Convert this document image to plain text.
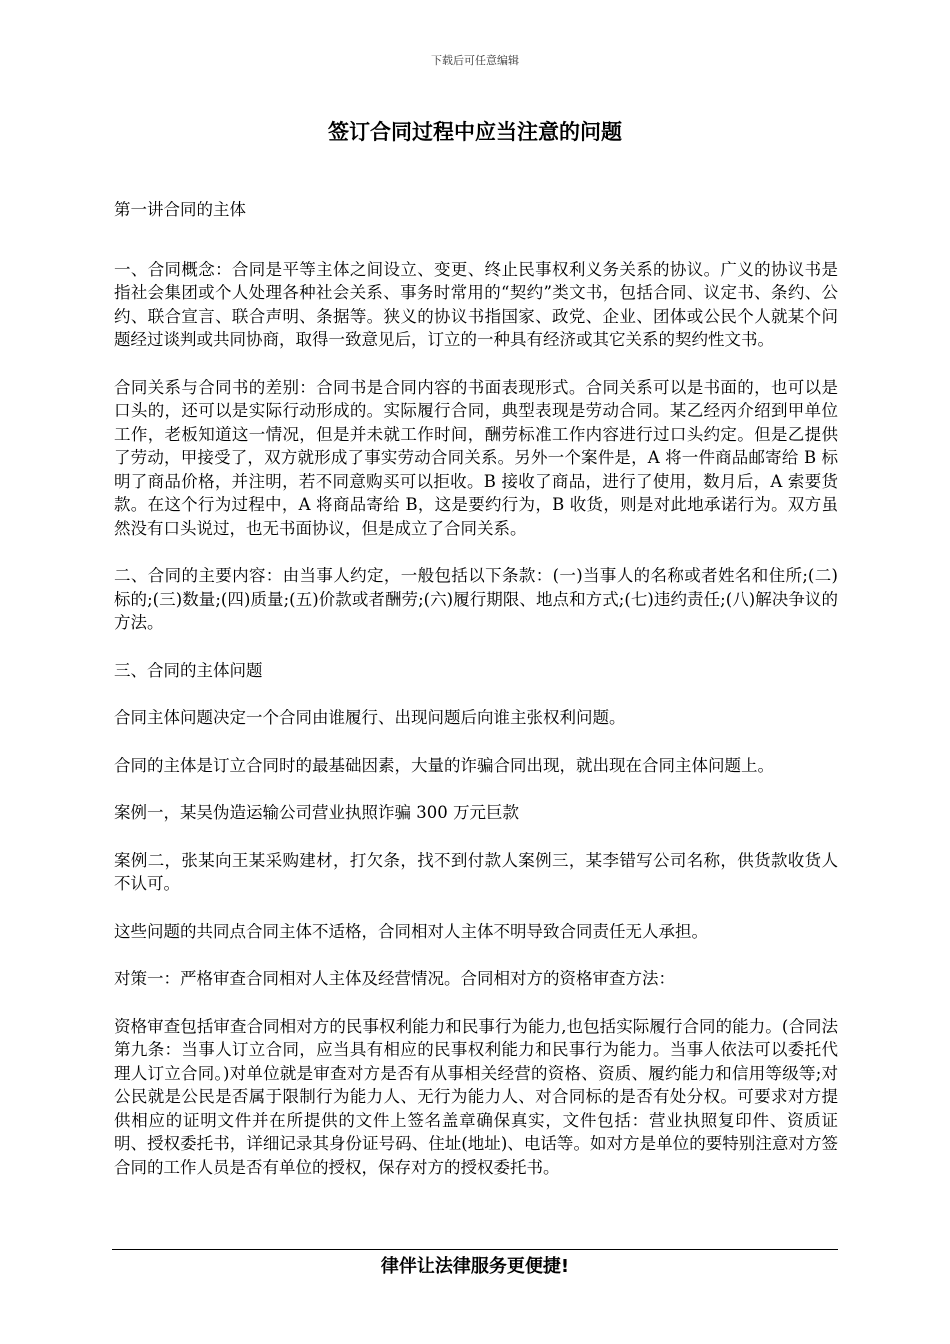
下载后可任意编辑
签订合同过程中应当注意的问题

第一讲合同的主体

一、合同概念：合同是平等主体之间设立、变更、终止民事权利义务关系的协议。广义的协议书是指社会集团或个人处理各种社会关系、事务时常用的“契约”类文书，包括合同、议定书、条约、公约、联合宣言、联合声明、条据等。狭义的协议书指国家、政党、企业、团体或公民个人就某个问题经过谈判或共同协商，取得一致意见后，订立的一种具有经济或其它关系的契约性文书。

合同关系与合同书的差别：合同书是合同内容的书面表现形式。合同关系可以是书面的，也可以是口头的，还可以是实际行动形成的。实际履行合同，典型表现是劳动合同。某乙经丙介绍到甲单位工作，老板知道这一情况，但是并未就工作时间，酬劳标准工作内容进行过口头约定。但是乙提供了劳动，甲接受了，双方就形成了事实劳动合同关系。另外一个案件是，A 将一件商品邮寄给 B 标明了商品价格，并注明，若不同意购买可以拒收。B 接收了商品，进行了使用，数月后，A 索要货款。在这个行为过程中，A 将商品寄给 B，这是要约行为，B 收货，则是对此地承诺行为。双方虽然没有口头说过，也无书面协议，但是成立了合同关系。

二、合同的主要内容：由当事人约定，一般包括以下条款：(一)当事人的名称或者姓名和住所;(二)标的;(三)数量;(四)质量;(五)价款或者酬劳;(六)履行期限、地点和方式;(七)违约责任;(八)解决争议的方法。

三、合同的主体问题

合同主体问题决定一个合同由谁履行、出现问题后向谁主张权利问题。

合同的主体是订立合同时的最基础因素，大量的诈骗合同出现，就出现在合同主体问题上。

案例一，某吴伪造运输公司营业执照诈骗 300 万元巨款

案例二，张某向王某采购建材，打欠条，找不到付款人案例三，某李错写公司名称，供货款收货人不认可。

这些问题的共同点合同主体不适格，合同相对人主体不明导致合同责任无人承担。

对策一：严格审查合同相对人主体及经营情况。合同相对方的资格审查方法：

资格审查包括审查合同相对方的民事权利能力和民事行为能力,也包括实际履行合同的能力。(合同法第九条：当事人订立合同，应当具有相应的民事权利能力和民事行为能力。当事人依法可以委托代理人订立合同。)对单位就是审查对方是否有从事相关经营的资格、资质、履约能力和信用等级等;对公民就是公民是否属于限制行为能力人、无行为能力人、对合同标的是否有处分权。可要求对方提供相应的证明文件并在所提供的文件上签名盖章确保真实，文件包括：营业执照复印件、资质证明、授权委托书，详细记录其身份证号码、住址(地址)、电话等。如对方是单位的要特别注意对方签合同的工作人员是否有单位的授权，保存对方的授权委托书。

律伴让法律服务更便捷!
